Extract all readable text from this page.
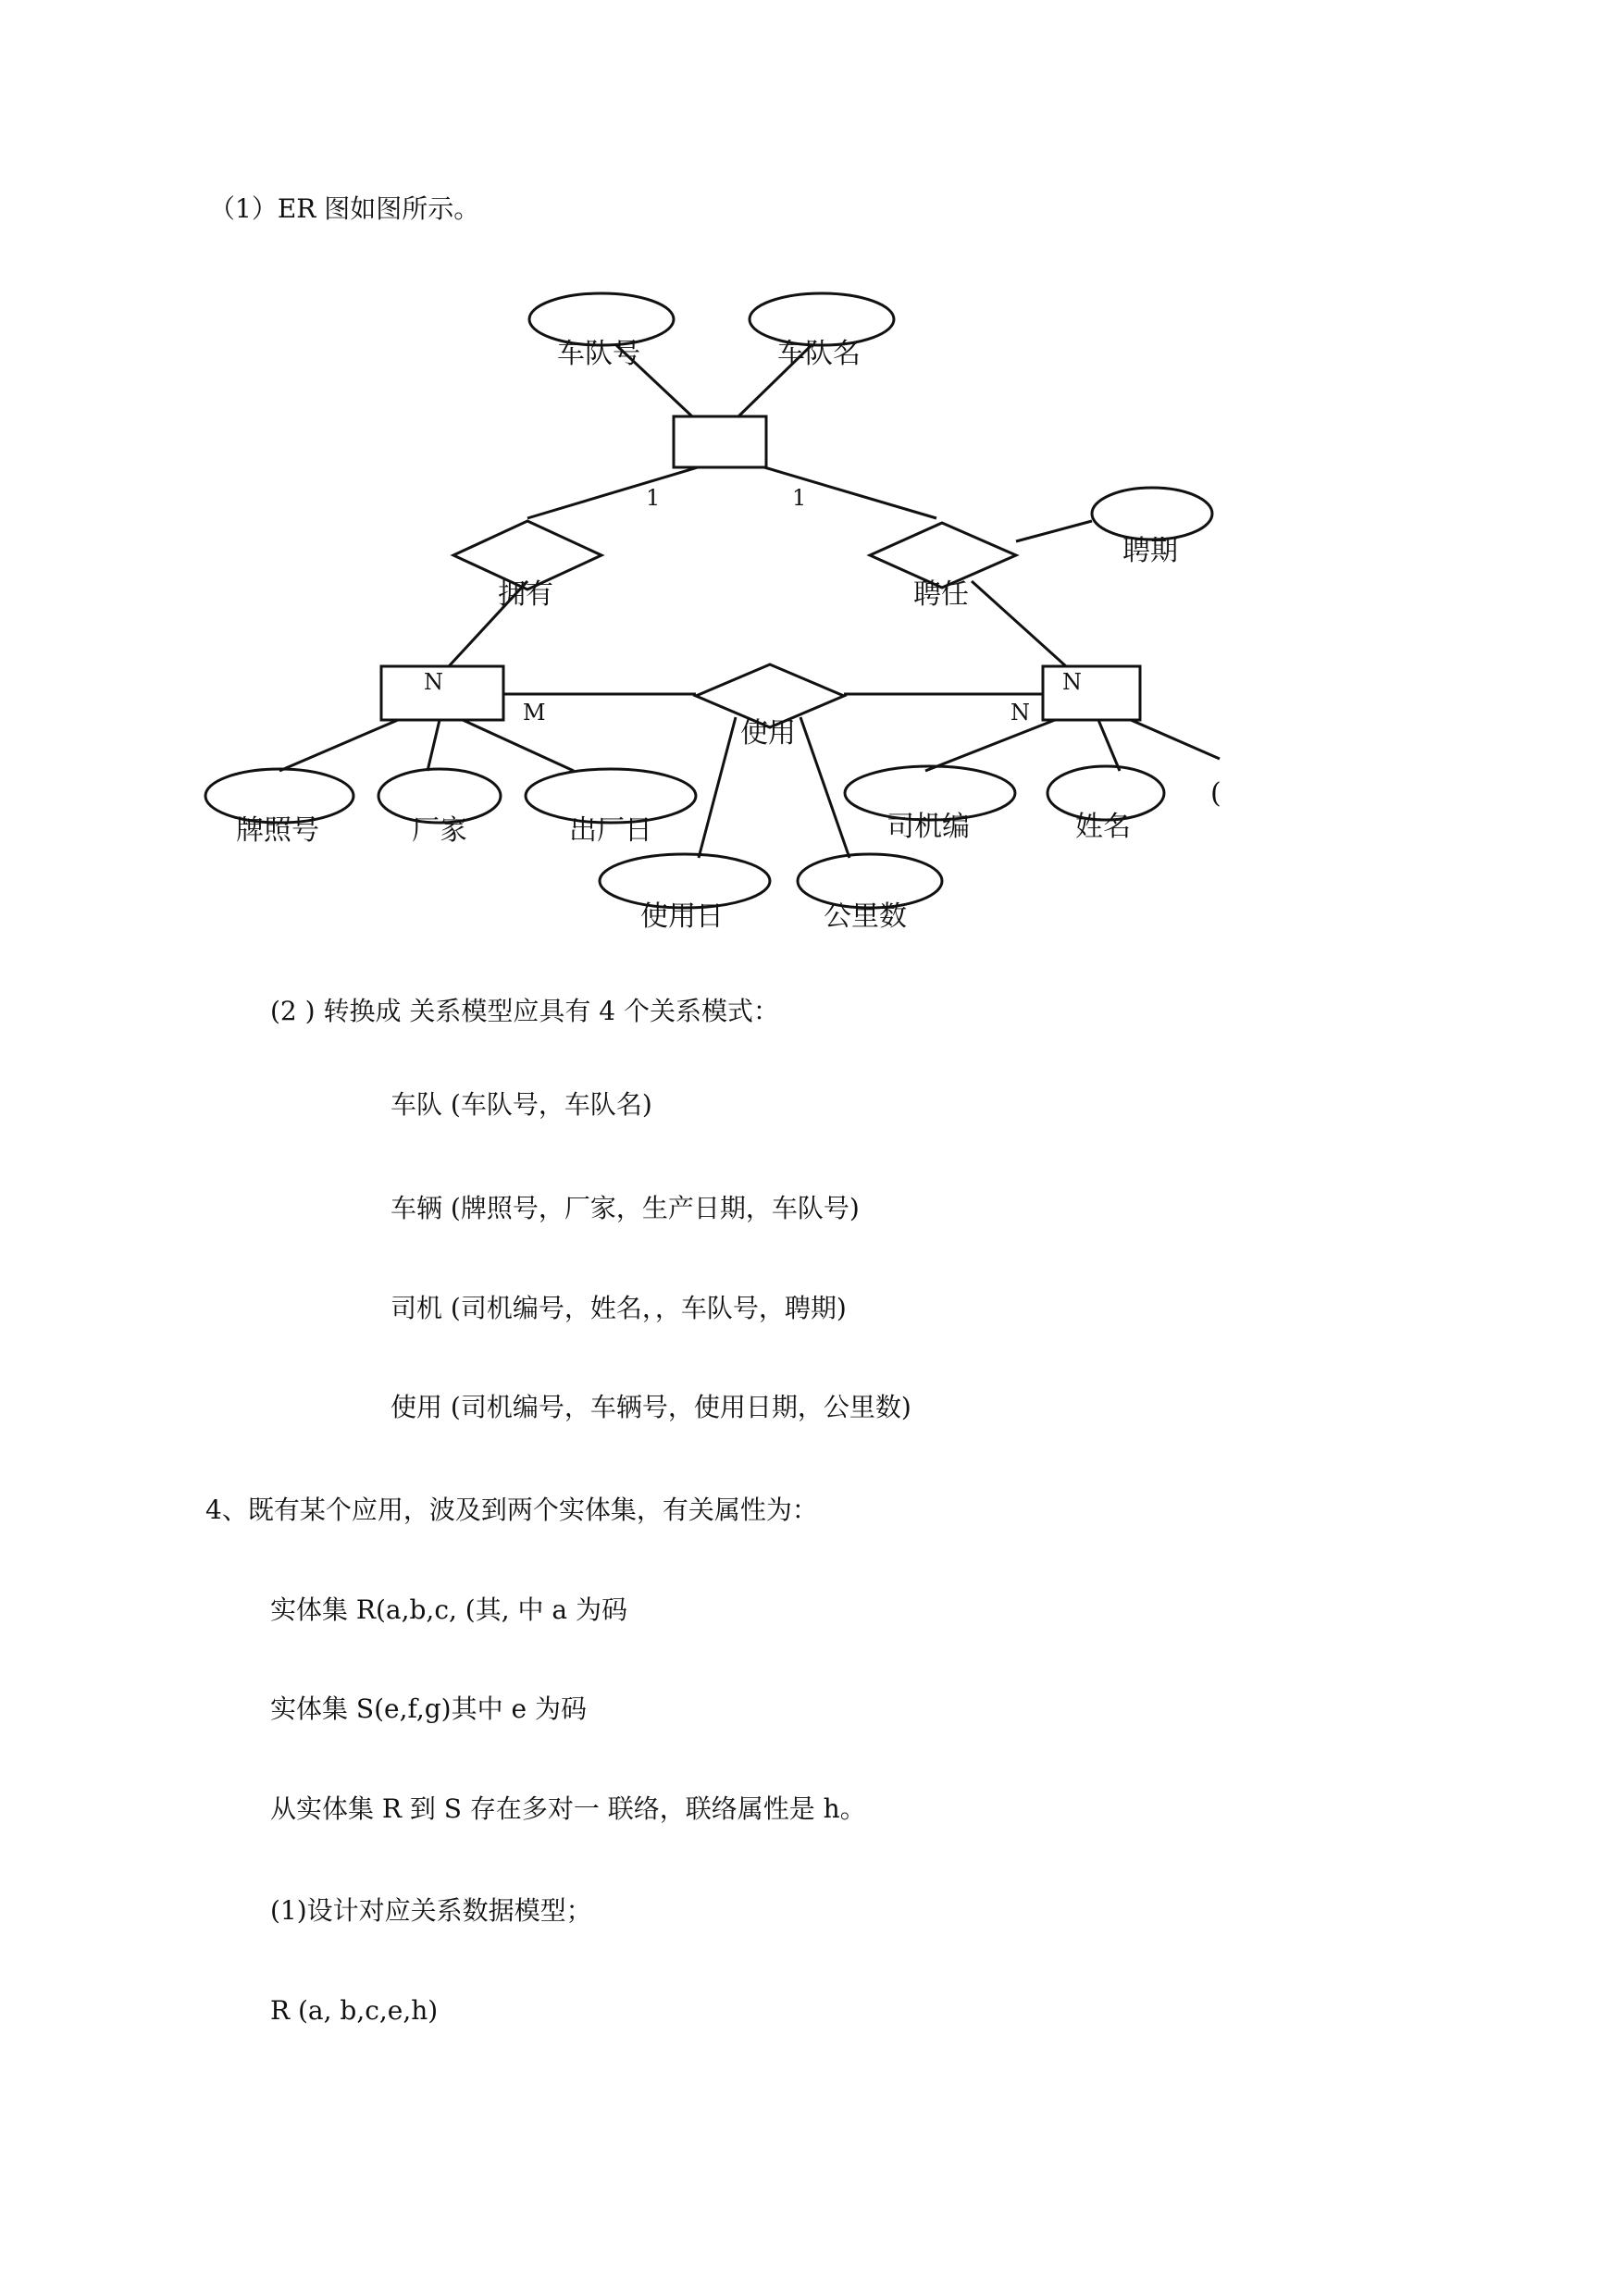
（1）ER 图如图所示。
车队号	车队名
拥有	聘任
聘期
使用
牌照号	厂家	出厂日
使用日	公里数
司机编	姓名
(
1	1
N	N
M	N
(2 ) 转换成 关系模型应具有 4 个关系模式：
车队 (车队号，车队名)
车辆 (牌照号，厂家，生产日期，车队号)
司机 (司机编号，姓名，，车队号，聘期)
使用 (司机编号，车辆号，使用日期，公里数)
4、既有某个应用，波及到两个实体集，有关属性为：
实体集 R(a,b,c, (其, 中 a 为码
实体集 S(e,f,g)其中 e 为码
从实体集 R 到 S 存在多对一 联络，联络属性是 h。
(1)设计对应关系数据模型；
R (a, b,c,e,h)
